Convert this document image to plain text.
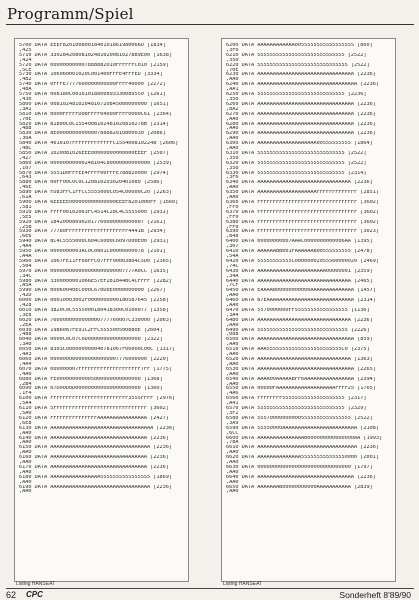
Programm/Spiel
5700 DATA EEEF8201008001840101861980066D [1834]
,425
5710 DATA 33028420808102481020081027889E00 [1638]
,424
5720 DATA 000000000007888882010FFFFFFC010 [2159]
,5CE
5730 DATA 106060001020C001400FFFE4FFFED [3334]
,482
5740 DATA 0FFFE7777600000000000FFFF40000 [2272]
,48A
5750 DATA 008180C00101018800893330089550 [1261]
,430
5800 DATA 0081024810204810720845000000000 [1651]
,3A1
5810 DATA 0000FFFFFD08FFFF04000FFFF0000C61 [2364]
,70E
5820 DATA 81800C0C1554008102481020810278B [2314]
,488
5830 DATA 8E0000000000000788882010800030 [2086]
,36A
5840 DATA 4010107FFFFFFFFFFFFFC1554008102248 [2606]
,4BC
5850 DATA 1020081026EEE00000000000000EEEF [2507]
,427
5860 DATA 00000000000248104C80000000000000 [2539]
,107
5870 DATA 5551D0FFFEE4FFFF00FFFE788820000 [2974]
,643
5880 DATA 00FF00C0C0C120810203020401080 [2586]
,46E
5890 DATA FD83FFC1FFCC5555000C054C00600C20 [2263]
,61A
5900 DATA 6EEEEE000000000000000EEEF8201000FF [1660]
,581
5910 DATA FFFF00102063FC4514C28C4C5555000 [2931]
,5E5
5920 DATA 184200080902017760000000000007 [2161]
,25B
5930 DATA 77780FFFFFFFFFFFFFFFFFFFF4441B [2934]
,6E6
5940 DATA 8C4C5555000C604C6000C6097D00E00 [2931]
,4A4
5950 DATA 0000000003AC0C0801C00006000078 [2101]
,A4A
5960 DATA 1067FE11FF68FFC07FFF00003804C5D0 [2365]
,504
5970 DATA 000000000000000000000007777A0CC [1635]
,34C
5980 DATA 3300000001066E57EF2818448C4CFFFF [2282]
,A5A
5990 DATA 00060040EC000C670D0E0000000000 [2267]
,42D
6000 DATA 00010003002F0000000000180587645 [2258]
,428
6010 DATA 3820C0C5555000180418300C0100077 [1358]
,3E8
6020 DATA 7600000000000000777760007C330000 [2063]
,2EA
6030 DATA 1986087FE91C2FFC555500500880E [2604]
,488
6040 DATA 0000C0C07C0D00000000000000000 [2322]
,3A0
6050 DATA 8303C000000000040781067F06000C00C [1317]
,4A3
6060 DATA 0000000000000000000007776000000 [2220]
,4A4
6070 DATA 000000007FFFFFFFFFFFFFFFFFFFF7FF [1775]
,4A0
6080 DATA FE000000000005000000000000000 [1368]
,2B4
6090 DATA 07D00D0D000000000000000000000 [1360]
,1F4
6100 DATA FFFFFFFFFFFFFFFFFFFFFFFFF3555FFFF [2976]
,5A4
6110 DATA 5FFFFFFFFFFFFFFFFFFFFFFFFFFFFFF [3602]
,5A0
6120 DATA FFFFFFFFFFFFFFFAAAAAAAAAAAAAAAA [2427]
,6E8
6130 DATA AAAAAAAAAAAAAAAAAAAAAAAAAAAAAAAAA [2236]
,AA0
6140 DATA AAAAAAAAAAAAAAAAAAAAAAAAAAAAAAA [2236]
,AA0
6150 DATA AAAAAAAAAAAAAAAAAAAAAAAAAAAAAAAA [2236]
,AA0
6160 DATA AAAAAAAAAAAAAAAAAAAAAAAAAAAAAAA [2236]
,AA0
6170 DATA AAAAAAAAAAAAAAAAAAAAAAAAAAAAAAA [2236]
,AA0
6180 DATA AAAAAAAAAAAAAAAA5555555555555555 [1869]
,AA0
6190 DATA AAAAAAAAAAAAAAAAAAAAAAAAAAAAAAAA [2236]
,AA0
Listing HANSEAT
6200 DATA AAAAAAAAAAAA0055555555555555555 [860]
,3F0
6210 DATA 5555555555555555555555555555 [2522]
,350
6220 DATA 55555555555555555555555555555 [2522]
,70E
6230 DATA AAAAAAAAAAAAAAAAAAAAAAAAAAAAAAA [2236]
,AA0
6240 DATA AAAAAAAAAAAAAAAAAAAAAAAAAAAAAAAA [2236]
,AA1
6250 DATA 5555555555555555555555555555 [2236]
,350
6260 DATA AAAAAAAAAAAAAAAAAAAAAAAAAAAAAAA [2236]
,8A2
6270 DATA AAAAAAAAAAAAAAAAAAAAAAAAAAAAAAA [2236]
,AA0
6280 DATA AAAAAAAAAAAAAAAAAAAAAAAAAAAAAAA [2236]
,AA0
6290 DATA AAAAAAAAAAAAAAAAAAAAAAAAAAAAAAA [2236]
,AA0
6300 DATA AAAAAAAAAAAAAAAAAAA00555555555 [1864]
,AA0
6310 DATA 5555555555555555555555555555 [2522]
,350
6320 DATA 5555555555555555555555555555 [2522]
,350
6330 DATA 5555555555555555555555555555 [2314]
,3F6
6340 DATA AAAAAAAAAAAAAAAAAAAAAAAAAAAAAA [2236]
,AA0
6350 DATA AAAAAAAAAAAAAAAAAAAFFFFFFFFFFFFF [2851]
,AA0
6360 DATA FFFFFFFFFFFFFFFFFFFFFFFFFFFFFFFF [3602]
,FF0
6370 DATA FFFFFFFFFFFFFFFFFFFFFFFFFFFFFFFF [3602]
,FF0
6380 DATA FFFFFFFFFFFFFFFFFFFFFFFFFFFFFFFF [3602]
,FF0
6390 DATA FFFFFFFFFFFFFFFFFFFFFFFFFFFFFFFF [3023]
,848
6400 DATA 00000000007AAAC0000000000006AA [1395]
,307
6410 DATA AAAAAABB001FAAAAAAB00555555555 [2478]
,54A
6420 DATA 55555555555C00000002055560000020 [2469]
,74C
6430 DATA AAAAAAAAAAAAAAAAAAAAAA00000001 [2359]
,34A
6440 DATA AAAAAAAAAAAAAAAAAAAAAAAAAAAAAA [2465]
,7CF
6450 DATA EAAAAB00000000000AAAAAAAAAAAAAA [1457]
,AA0
6460 DATA B7EAAAAAAAAAAAAAAAAAAAAAAAAAAAA [2314]
,AA0
6470 DATA 5570000000FF55555555555555555 [1136]
,3A4
6480 DATA AAAAAAAAAAAAAAAAAAAAAAAAAAAAAA [2236]
,AA0
6490 DATA 55555555555555555555555555555 [2226]
,088
6500 DATA AAAAAAAAAAAAAAAAAAAAAAAAAAAAAAA [859]
,AA0
6510 DATA AAA555555555555555555555555C0 [2375]
,AA0
6520 DATA AAAAAAAAAAAAAAAAAAAAAAAAAAAAAA [1363]
,AA0
6530 DATA AAAAAAAAAAAAAAAAAAAAAAAAAAAAAAA [2265]
,AA0
6540 DATA AAAA00AAAAABFF6AAAAAAAAAAAAAAAA [2394]
,AA0
6550 DATA 00000FAAAAAAAAAAAAAAAAAAAFFFF25 [1765]
,4A6
6560 DATA FFFFFFFF55555555555555555555 [2317]
,A41
6570 DATA 5555555555555555555555555555 [2329]
,3F2
6580 DATA 555700000000005555555555555555 [2522]
,3A9
6590 DATA 55550000AAAAAAAAAAAAAAAAAAAAAAAA [2108]
,6CC
6600 DATA AAAAAAAAAAAAAAAB000000000000000AA [1993]
,78A
6610 DATA AAAAAAAAAAAAAAAAAAAAAAAAAAAAAAAA [2236]
,AA0
6620 DATA AAAAAAAAAAAAAA555555555555550000 [2001]
,AA0
6630 DATA 000000000000000000000000000000 [1797]
,AA0
6640 DATA AAAAAAAAAAAAAAAAAAAAAAAAAAAAAAA [2236]
,AA0
6650 DATA AAAAAAAB00000000000AAAAAAAAAAA [2839]
,AA0
Listing HANSEAT
62 CPC	Sonderheft 8'89/90
